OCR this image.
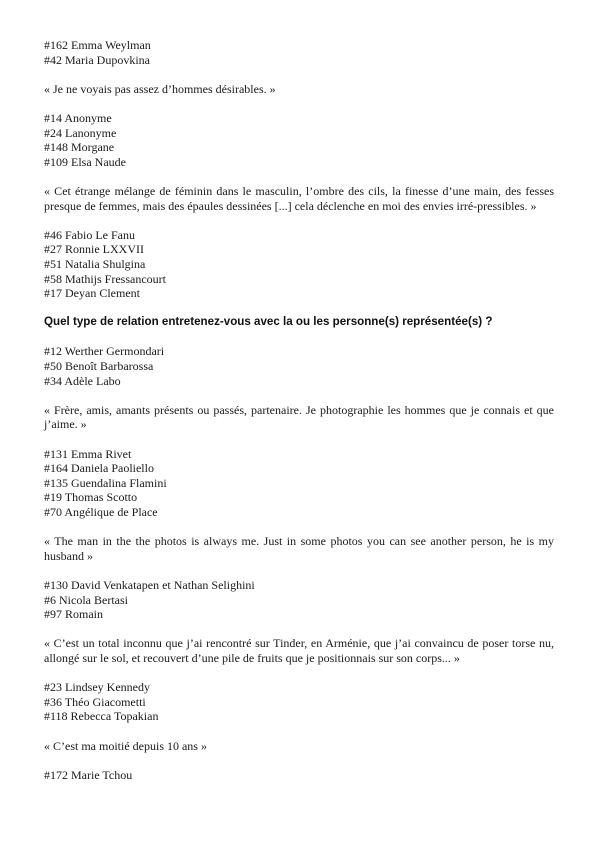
#162 Emma Weylman
#42 Maria Dupovkina

« Je ne voyais pas assez d’hommes désirables. »

#14 Anonyme
#24 Lanonyme
#148 Morgane
#109 Elsa Naude

« Cet étrange mélange de féminin dans le masculin, l’ombre des cils, la finesse d’une main, des fesses presque de femmes, mais des épaules dessinées [...] cela déclenche en moi des envies irré-pressibles. »

#46 Fabio Le Fanu
#27 Ronnie LXXVII
#51 Natalia Shulgina
#58 Mathijs Fressancourt
#17 Deyan Clement

Quel type de relation entretenez-vous avec la ou les personne(s) représentée(s) ?

#12 Werther Germondari
#50 Benoît Barbarossa
#34 Adèle Labo

« Frère, amis, amants présents ou passés, partenaire. Je photographie les hommes que je connais et que j’aime. »

#131 Emma Rivet
#164 Daniela Paoliello
#135 Guendalina Flamini
#19 Thomas Scotto
#70 Angélique de Place

« The man in the the photos is always me. Just in some photos you can see another person, he is my husband »

#130 David Venkatapen et Nathan Selighini
#6 Nicola Bertasi
#97 Romain

« C’est un total inconnu que j’ai rencontré sur Tinder, en Arménie, que j’ai convaincu de poser torse nu, allongé sur le sol, et recouvert d’une pile de fruits que je positionnais sur son corps... »

#23 Lindsey Kennedy
#36 Théo Giacometti
#118 Rebecca Topakian

« C’est ma moitié depuis 10 ans »

#172 Marie Tchou
